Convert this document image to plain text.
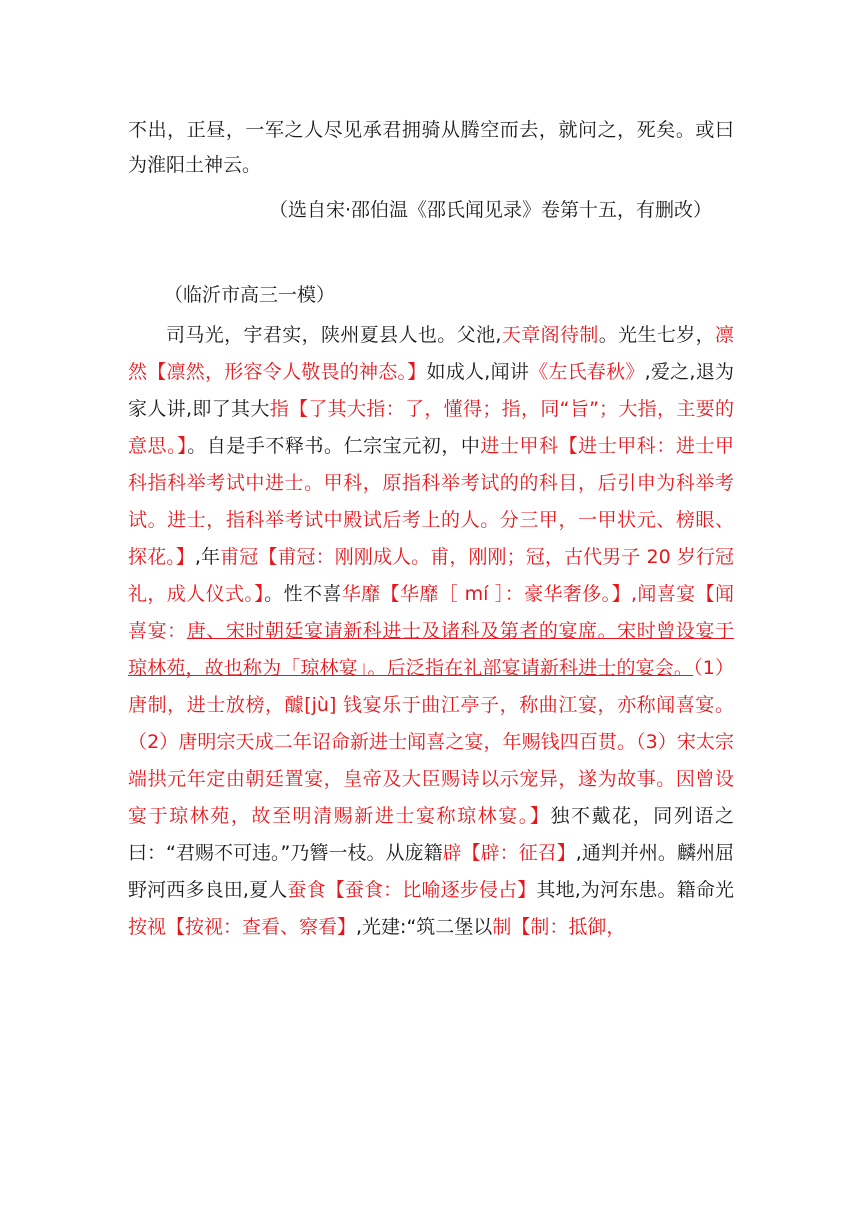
不出，正昼，一军之人尽见承君拥骑从腾空而去，就问之，死矣。或曰为淮阳土神云。

（选自宋·邵伯温《邵氏闻见录》卷第十五，有删改）

（临沂市高三一模）

司马光，宇君实，陕州夏县人也。父池,天章阁待制。光生七岁，凛然【凛然，形容令人敬畏的神态。】如成人,闻讲《左氏春秋》,爱之,退为家人讲,即了其大指【了其大指：了，懂得；指，同“旨”；大指，主要的意思。】。自是手不释书。仁宗宝元初，中进士甲科【进士甲科：进士甲科指科举考试中进士。甲科，原指科举考试的的科目，后引申为科举考试。进士，指科举考试中殿试后考上的人。分三甲，一甲状元、榜眼、探花。】,年甫冠【甫冠：刚刚成人。甫，刚刚；冠，古代男子 20 岁行冠礼，成人仪式。】。性不喜华靡【华靡［ mí ］：豪华奢侈。】,闻喜宴【闻喜宴：唐、宋时朝廷宴请新科进士及诸科及第者的宴席。宋时曾设宴于琼林苑，故也称为「琼林宴」。后泛指在礼部宴请新科进士的宴会。（1）唐制，进士放榜，醵[jù] 钱宴乐于曲江亭子，称曲江宴，亦称闻喜宴。（2）唐明宗天成二年诏命新进士闻喜之宴，年赐钱四百贯。（3）宋太宗端拱元年定由朝廷置宴，皇帝及大臣赐诗以示宠异，遂为故事。因曾设宴于琼林苑，故至明清赐新进士宴称琼林宴。】独不戴花，同列语之曰：“君赐不可违。”乃簪一枝。从庞籍辟【辟：征召】,通判并州。麟州屈野河西多良田,夏人蚕食【蚕食：比喻逐步侵占】其地,为河东患。籍命光按视【按视：查看、察看】,光建:“筑二堡以制【制：抵御，
